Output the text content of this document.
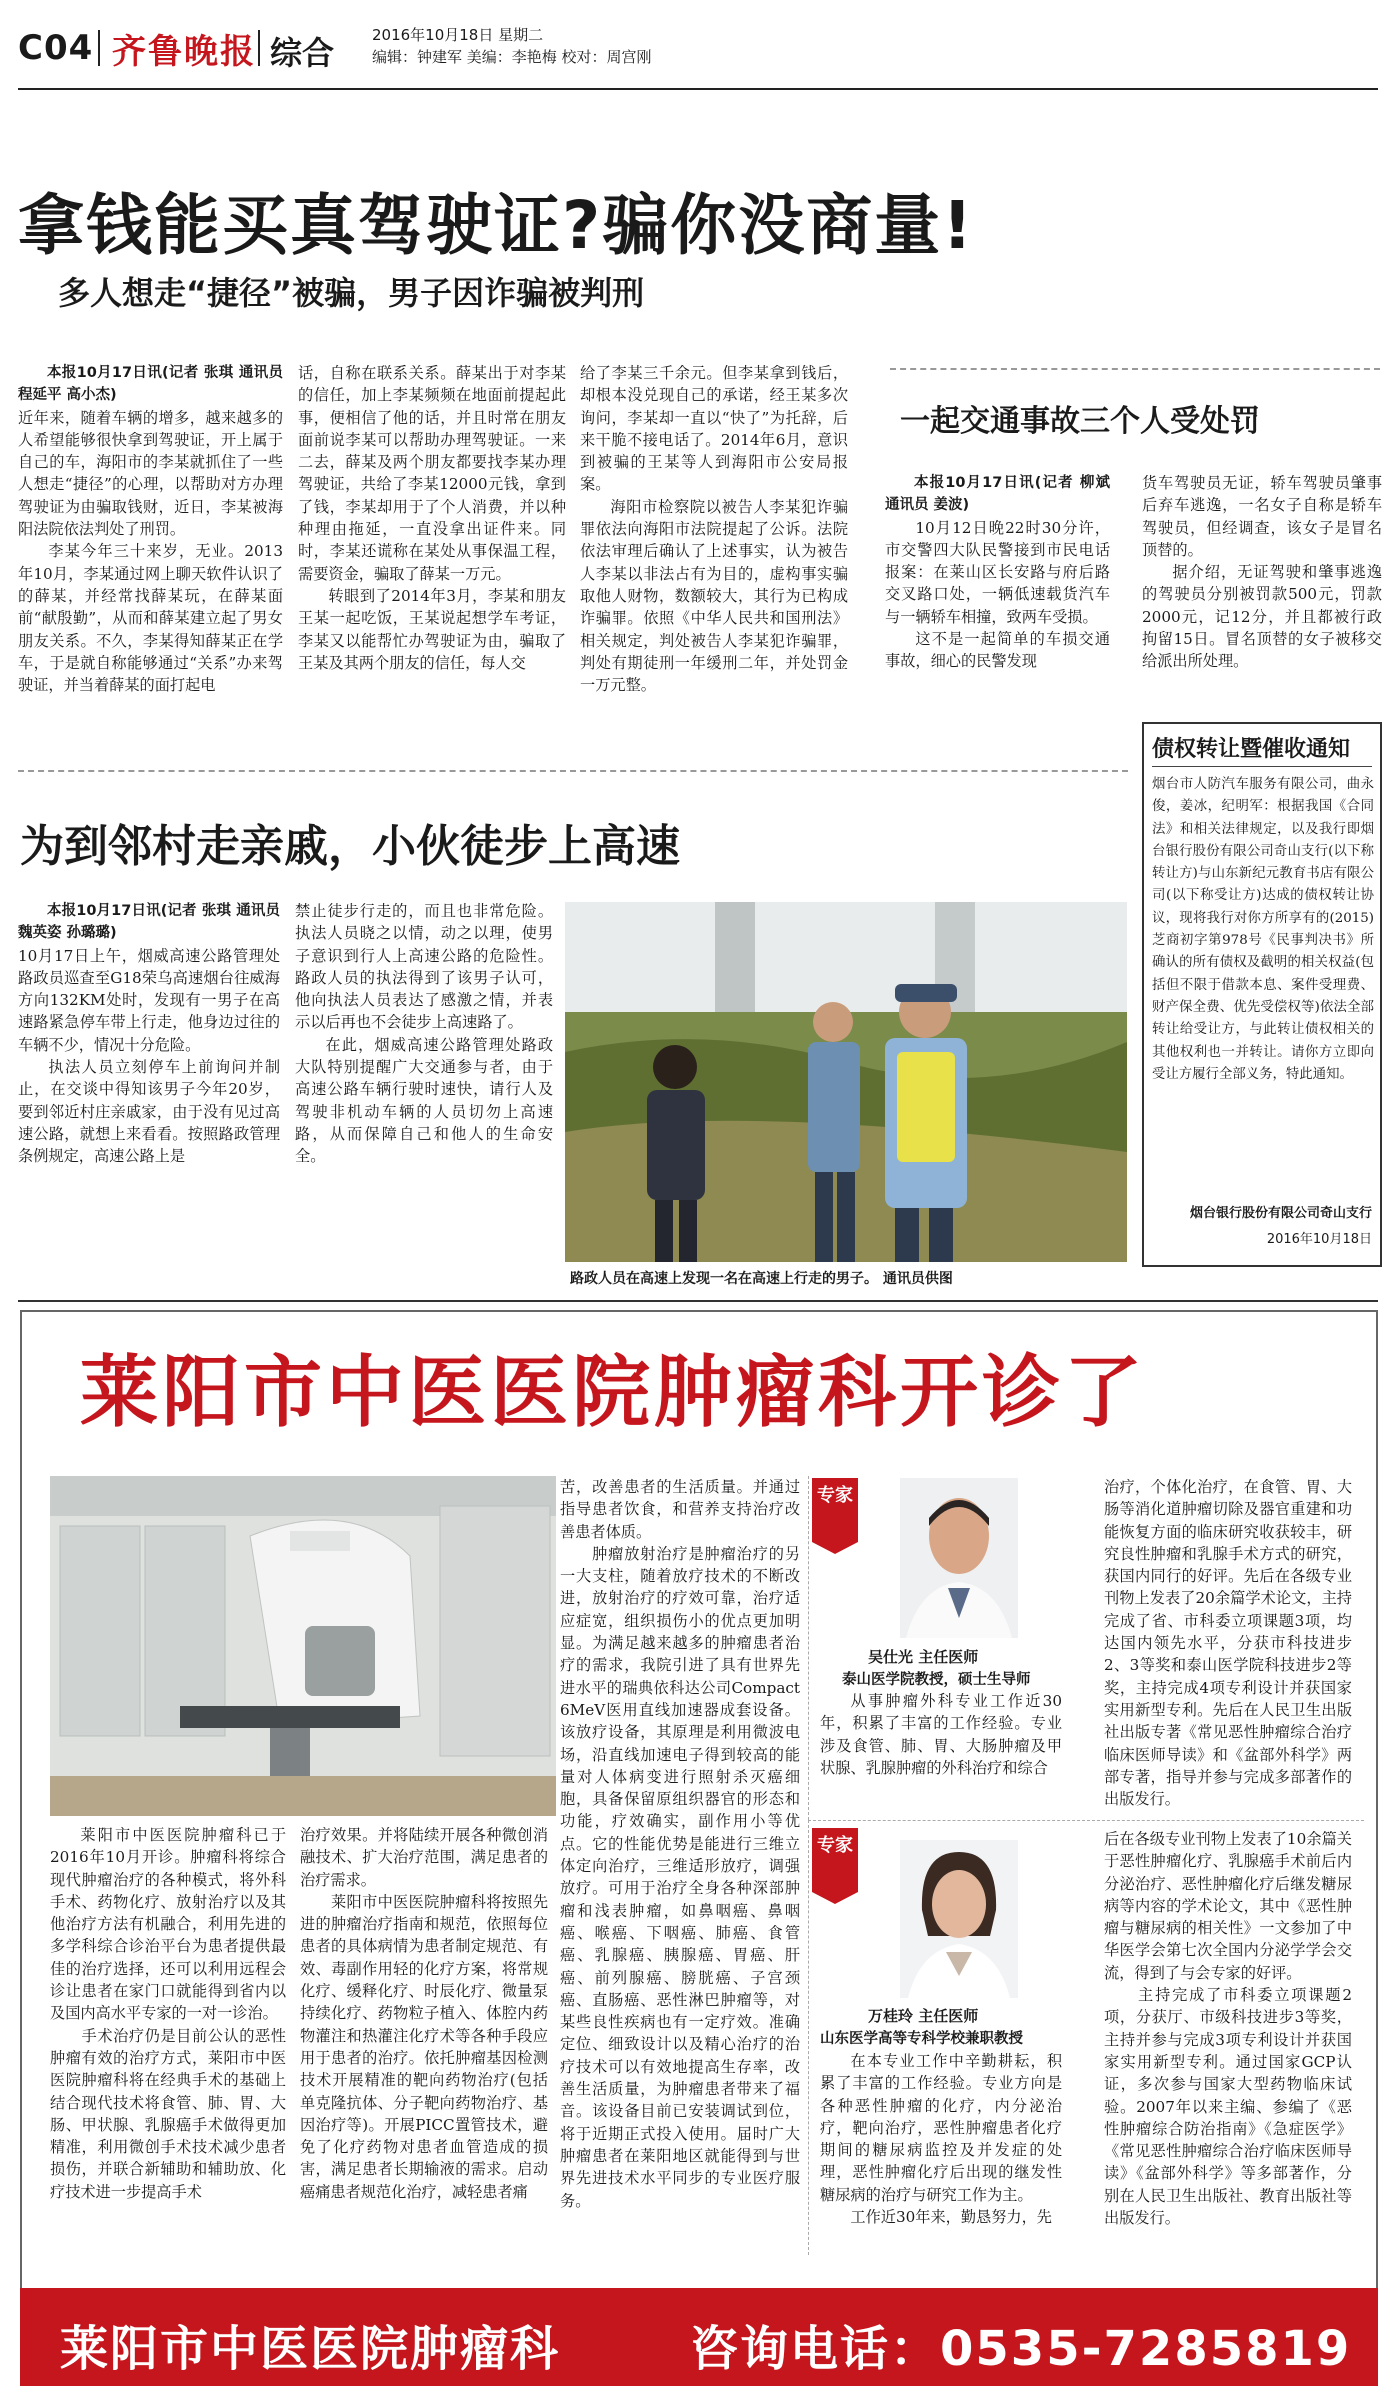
C04 齐鲁晚报 综合	2016年10月18日 星期二
编辑：钟建军 美编：李艳梅 校对：周宫刚
拿钱能买真驾驶证?骗你没商量!
多人想走“捷径”被骗，男子因诈骗被判刑

本报10月17日讯(记者 张琪 通讯员 程延平 高小杰)

近年来，随着车辆的增多，越来越多的人希望能够很快拿到驾驶证，开上属于自己的车，海阳市的李某就抓住了一些人想走“捷径”的心理，以帮助对方办理驾驶证为由骗取钱财，近日，李某被海阳法院依法判处了刑罚。

李某今年三十来岁，无业。2013年10月，李某通过网上聊天软件认识了的薛某，并经常找薛某玩，在薛某面前“献殷勤”，从而和薛某建立起了男女朋友关系。不久，李某得知薛某正在学车，于是就自称能够通过“关系”办来驾驶证，并当着薛某的面打起电

话，自称在联系关系。薛某出于对李某的信任，加上李某频频在地面前提起此事，便相信了他的话，并且时常在朋友面前说李某可以帮助办理驾驶证。一来二去，薛某及两个朋友都要找李某办理驾驶证，共给了李某12000元钱，拿到了钱，李某却用于了个人消费，并以种种理由拖延，一直没拿出证件来。同时，李某还谎称在某处从事保温工程，需要资金，骗取了薛某一万元。

转眼到了2014年3月，李某和朋友王某一起吃饭，王某说起想学车考证，李某又以能帮忙办驾驶证为由，骗取了王某及其两个朋友的信任，每人交

给了李某三千余元。但李某拿到钱后，却根本没兑现自己的承诺，经王某多次询问，李某却一直以“快了”为托辞，后来干脆不接电话了。2014年6月，意识到被骗的王某等人到海阳市公安局报案。

海阳市检察院以被告人李某犯诈骗罪依法向海阳市法院提起了公诉。法院依法审理后确认了上述事实，认为被告人李某以非法占有为目的，虚构事实骗取他人财物，数额较大，其行为已构成诈骗罪。依照《中华人民共和国刑法》相关规定，判处被告人李某犯诈骗罪，判处有期徒刑一年缓刑二年，并处罚金一万元整。

一起交通事故三个人受处罚

本报10月17日讯(记者 柳斌 通讯员 姜波)

10月12日晚22时30分许，市交警四大队民警接到市民电话报案：在莱山区长安路与府后路交叉路口处，一辆低速载货汽车与一辆轿车相撞，致两车受损。

这不是一起简单的车损交通事故，细心的民警发现

货车驾驶员无证，轿车驾驶员肇事后弃车逃逸，一名女子自称是轿车驾驶员，但经调查，该女子是冒名顶替的。

据介绍，无证驾驶和肇事逃逸的驾驶员分别被罚款500元，罚款2000元，记12分，并且都被行政拘留15日。冒名顶替的女子被移交给派出所处理。

债权转让暨催收通知

烟台市人防汽车服务有限公司，曲永俊，姜冰，纪明军：根据我国《合同法》和相关法律规定，以及我行即烟台银行股份有限公司奇山支行(以下称转让方)与山东新纪元教育书店有限公司(以下称受让方)达成的债权转让协议，现将我行对你方所享有的(2015)芝商初字第978号《民事判决书》所确认的所有债权及截明的相关权益(包括但不限于借款本息、案件受理费、财产保全费、优先受偿权等)依法全部转让给受让方，与此转让债权相关的其他权利也一并转让。请你方立即向受让方履行全部义务，特此通知。

烟台银行股份有限公司奇山支行
2016年10月18日
为到邻村走亲戚，小伙徒步上高速

本报10月17日讯(记者 张琪 通讯员 魏英姿 孙璐璐)

10月17日上午，烟威高速公路管理处路政员巡查至G18荣乌高速烟台往威海方向132KM处时，发现有一男子在高速路紧急停车带上行走，他身边过往的车辆不少，情况十分危险。

执法人员立刻停车上前询问并制止，在交谈中得知该男子今年20岁，要到邻近村庄亲戚家，由于没有见过高速公路，就想上来看看。按照路政管理条例规定，高速公路上是

禁止徒步行走的，而且也非常危险。执法人员晓之以情，动之以理，使男子意识到行人上高速公路的危险性。路政人员的执法得到了该男子认可，他向执法人员表达了感激之情，并表示以后再也不会徒步上高速路了。

在此，烟威高速公路管理处路政大队特别提醒广大交通参与者，由于高速公路车辆行驶时速快，请行人及驾驶非机动车辆的人员切勿上高速路，从而保障自己和他人的生命安全。

路政人员在高速上发现一名在高速上行走的男子。 通讯员供图
莱阳市中医医院肿瘤科开诊了

莱阳市中医医院肿瘤科已于2016年10月开诊。肿瘤科将综合现代肿瘤治疗的各种模式，将外科手术、药物化疗、放射治疗以及其他治疗方法有机融合，利用先进的多学科综合诊治平台为患者提供最佳的治疗选择，还可以利用远程会诊让患者在家门口就能得到省内以及国内高水平专家的一对一诊治。
　　手术治疗仍是目前公认的恶性肿瘤有效的治疗方式，莱阳市中医医院肿瘤科将在经典手术的基础上结合现代技术将食管、肺、胃、大肠、甲状腺、乳腺癌手术做得更加精准，利用微创手术技术减少患者损伤，并联合新辅助和辅助放、化疗技术进一步提高手术

治疗效果。并将陆续开展各种微创消融技术、扩大治疗范围，满足患者的治疗需求。
　　莱阳市中医医院肿瘤科将按照先进的肿瘤治疗指南和规范，依照每位患者的具体病情为患者制定规范、有效、毒副作用轻的化疗方案，将常规化疗、缓释化疗、时辰化疗、微量泵持续化疗、药物粒子植入、体腔内药物灌注和热灌注化疗术等各种手段应用于患者的治疗。依托肿瘤基因检测技术开展精准的靶向药物治疗(包括单克隆抗体、分子靶向药物治疗、基因治疗等)。开展PICC置管技术，避免了化疗药物对患者血管造成的损害，满足患者长期输液的需求。启动癌痛患者规范化治疗，减轻患者痛

苦，改善患者的生活质量。并通过指导患者饮食，和营养支持治疗改善患者体质。
　　肿瘤放射治疗是肿瘤治疗的另一大支柱，随着放疗技术的不断改进，放射治疗的疗效可靠，治疗适应症宽，组织损伤小的优点更加明显。为满足越来越多的肿瘤患者治疗的需求，我院引进了具有世界先进水平的瑞典依科达公司Compact 6MeV医用直线加速器成套设备。该放疗设备，其原理是利用微波电场，沿直线加速电子得到较高的能量对人体病变进行照射杀灭癌细胞，具备保留原组织器官的形态和功能，疗效确实，副作用小等优点。它的性能优势是能进行三维立体定向治疗，三维适形放疗，调强放疗。可用于治疗全身各种深部肿瘤和浅表肿瘤，如鼻咽癌、鼻咽癌、喉癌、下咽癌、肺癌、食管癌、乳腺癌、胰腺癌、胃癌、肝癌、前列腺癌、膀胱癌、子宫颈癌、直肠癌、恶性淋巴肿瘤等，对某些良性疾病也有一定疗效。准确定位、细致设计以及精心治疗的治疗技术可以有效地提高生存率，改善生活质量，为肿瘤患者带来了福音。该设备目前已安装调试到位，将于近期正式投入使用。届时广大肿瘤患者在莱阳地区就能得到与世界先进技术水平同步的专业医疗服务。

专家
吴仕光 主任医师
泰山医学院教授，硕士生导师

从事肿瘤外科专业工作近30年，积累了丰富的工作经验。专业涉及食管、肺、胃、大肠肿瘤及甲状腺、乳腺肿瘤的外科治疗和综合

治疗，个体化治疗，在食管、胃、大肠等消化道肿瘤切除及器官重建和功能恢复方面的临床研究收获较丰，研究良性肿瘤和乳腺手术方式的研究，获国内同行的好评。先后在各级专业刊物上发表了20余篇学术论文，主持完成了省、市科委立项课题3项，均达国内领先水平，分获市科技进步2、3等奖和泰山医学院科技进步2等奖，主持完成4项专利设计并获国家实用新型专利。先后在人民卫生出版社出版专著《常见恶性肿瘤综合治疗临床医师导读》和《盆部外科学》两部专著，指导并参与完成多部著作的出版发行。

专家
万桂玲 主任医师
山东医学高等专科学校兼职教授

在本专业工作中辛勤耕耘，积累了丰富的工作经验。专业方向是各种恶性肿瘤的化疗，内分泌治疗，靶向治疗，恶性肿瘤患者化疗期间的糖尿病监控及并发症的处理，恶性肿瘤化疗后出现的继发性糖尿病的治疗与研究工作为主。
　　工作近30年来，勤恳努力，先

后在各级专业刊物上发表了10余篇关于恶性肿瘤化疗、乳腺癌手术前后内分泌治疗、恶性肿瘤化疗后继发糖尿病等内容的学术论文，其中《恶性肿瘤与糖尿病的相关性》一文参加了中华医学会第七次全国内分泌学学会交流，得到了与会专家的好评。
　　主持完成了市科委立项课题2项，分获厅、市级科技进步3等奖，主持并参与完成3项专利设计并获国家实用新型专利。通过国家GCP认证，多次参与国家大型药物临床试验。2007年以来主编、参编了《恶性肿瘤综合防治指南》《急症医学》《常见恶性肿瘤综合治疗临床医师导读》《盆部外科学》等多部著作，分别在人民卫生出版社、教育出版社等出版发行。

莱阳市中医医院肿瘤科	咨询电话：0535-7285819
